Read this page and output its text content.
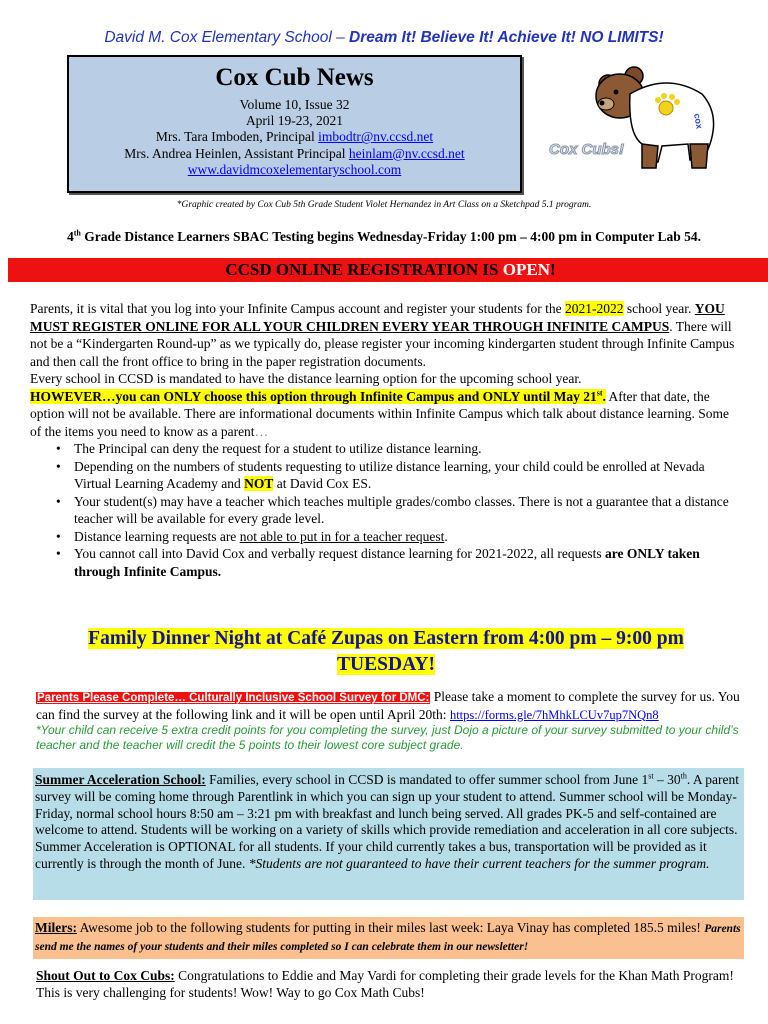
David M. Cox Elementary School – Dream It! Believe It! Achieve It! NO LIMITS!
Cox Cub News
Volume 10, Issue 32
April 19-23, 2021
Mrs. Tara Imboden, Principal imbodtr@nv.ccsd.net
Mrs. Andrea Heinlen, Assistant Principal heinlam@nv.ccsd.net
www.davidmcoxelementaryschool.com
cox
Cox Cubs!
*Graphic created by Cox Cub 5th Grade Student Violet Hernandez in Art Class on a Sketchpad 5.1 program.
4th Grade Distance Learners SBAC Testing begins Wednesday-Friday 1:00 pm – 4:00 pm in Computer Lab 54.
CCSD ONLINE REGISTRATION IS OPEN!

Parents, it is vital that you log into your Infinite Campus account and register your students for the 2021-2022 school year. YOU MUST REGISTER ONLINE FOR ALL YOUR CHILDREN EVERY YEAR THROUGH INFINITE CAMPUS. There will not be a “Kindergarten Round-up” as we typically do, please register your incoming kindergarten student through Infinite Campus and then call the front office to bring in the paper registration documents.

Every school in CCSD is mandated to have the distance learning option for the upcoming school year.

HOWEVER…you can ONLY choose this option through Infinite Campus and ONLY until May 21st. After that date, the option will not be available. There are informational documents within Infinite Campus which talk about distance learning. Some of the items you need to know as a parent…

• The Principal can deny the request for a student to utilize distance learning.
• Depending on the numbers of students requesting to utilize distance learning, your child could be enrolled at Nevada Virtual Learning Academy and NOT at David Cox ES.
• Your student(s) may have a teacher which teaches multiple grades/combo classes. There is not a guarantee that a distance teacher will be available for every grade level.
• Distance learning requests are not able to put in for a teacher request.
• You cannot call into David Cox and verbally request distance learning for 2021-2022, all requests are ONLY taken through Infinite Campus.
Family Dinner Night at Café Zupas on Eastern from 4:00 pm – 9:00 pm
TUESDAY!
Parents Please Complete… Culturally Inclusive School Survey for DMC: Please take a moment to complete the survey for us. You can find the survey at the following link and it will be open until April 20th: https://forms.gle/7hMhkLCUv7up7NQn8
*Your child can receive 5 extra credit points for you completing the survey, just Dojo a picture of your survey submitted to your child’s teacher and the teacher will credit the 5 points to their lowest core subject grade.
Summer Acceleration School: Families, every school in CCSD is mandated to offer summer school from June 1st – 30th. A parent survey will be coming home through Parentlink in which you can sign up your student to attend. Summer school will be Monday-Friday, normal school hours 8:50 am – 3:21 pm with breakfast and lunch being served. All grades PK-5 and self-contained are welcome to attend. Students will be working on a variety of skills which provide remediation and acceleration in all core subjects. Summer Acceleration is OPTIONAL for all students. If your child currently takes a bus, transportation will be provided as it currently is through the month of June. *Students are not guaranteed to have their current teachers for the summer program.
Milers: Awesome job to the following students for putting in their miles last week: Laya Vinay has completed 185.5 miles! Parents send me the names of your students and their miles completed so I can celebrate them in our newsletter!
Shout Out to Cox Cubs: Congratulations to Eddie and May Vardi for completing their grade levels for the Khan Math Program! This is very challenging for students! Wow! Way to go Cox Math Cubs!
